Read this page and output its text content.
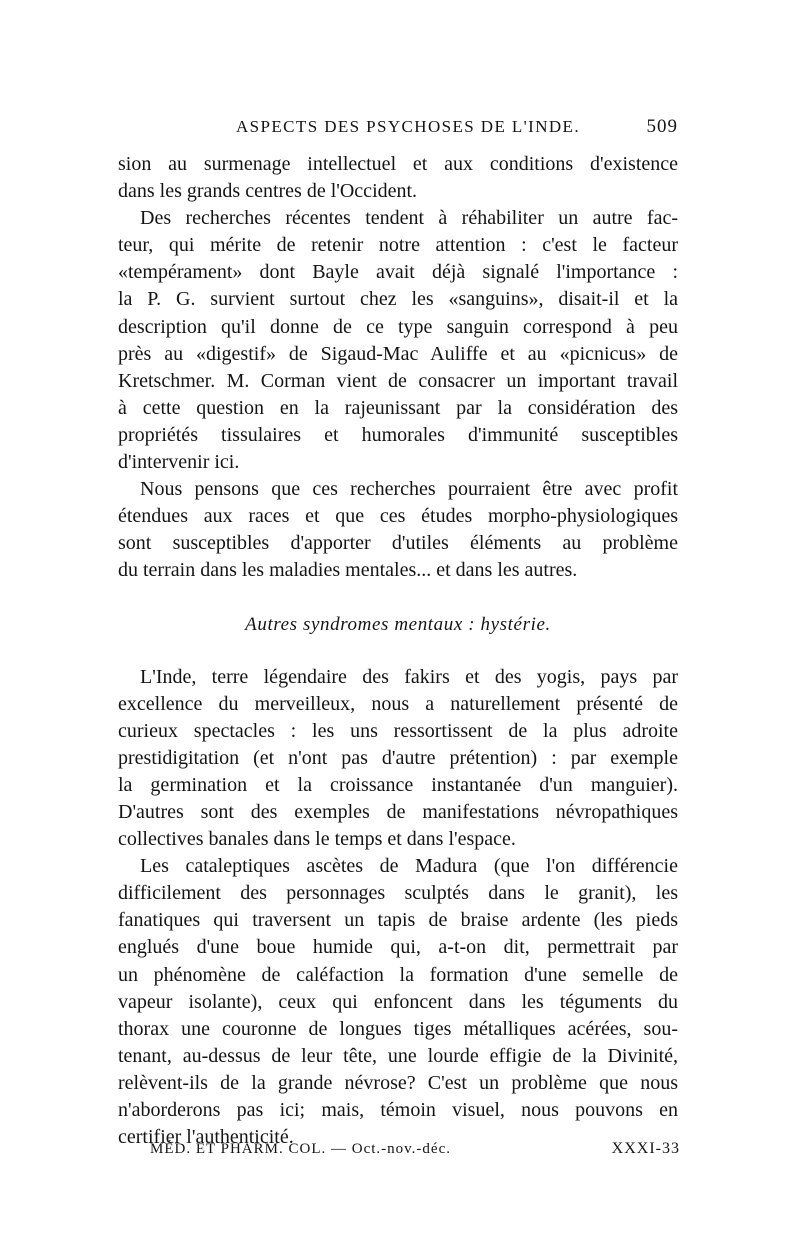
ASPECTS DES PSYCHOSES DE L'INDE.	509
sion au surmenage intellectuel et aux conditions d'existence
dans les grands centres de l'Occident.
Des recherches récentes tendent à réhabiliter un autre fac-
teur, qui mérite de retenir notre attention : c'est le facteur
«tempérament» dont Bayle avait déjà signalé l'importance :
la P. G. survient surtout chez les «sanguins», disait-il et la
description qu'il donne de ce type sanguin correspond à peu
près au «digestif» de Sigaud-Mac Auliffe et au «picnicus» de
Kretschmer. M. Corman vient de consacrer un important travail
à cette question en la rajeunissant par la considération des
propriétés tissulaires et humorales d'immunité susceptibles
d'intervenir ici.
Nous pensons que ces recherches pourraient être avec profit
étendues aux races et que ces études morpho-physiologiques
sont susceptibles d'apporter d'utiles éléments au problème
du terrain dans les maladies mentales... et dans les autres.
Autres syndromes mentaux : hystérie.
L'Inde, terre légendaire des fakirs et des yogis, pays par
excellence du merveilleux, nous a naturellement présenté de
curieux spectacles : les uns ressortissent de la plus adroite
prestidigitation (et n'ont pas d'autre prétention) : par exemple
la germination et la croissance instantanée d'un manguier).
D'autres sont des exemples de manifestations névropathiques
collectives banales dans le temps et dans l'espace.
Les cataleptiques ascètes de Madura (que l'on différencie
difficilement des personnages sculptés dans le granit), les
fanatiques qui traversent un tapis de braise ardente (les pieds
englués d'une boue humide qui, a-t-on dit, permettrait par
un phénomène de caléfaction la formation d'une semelle de
vapeur isolante), ceux qui enfoncent dans les téguments du
thorax une couronne de longues tiges métalliques acérées, sou-
tenant, au-dessus de leur tête, une lourde effigie de la Divinité,
relèvent-ils de la grande névrose? C'est un problème que nous
n'aborderons pas ici; mais, témoin visuel, nous pouvons en
certifier l'authenticité.
MÉD. ET PHARM. COL. — Oct.-nov.-déc.	XXXI-33
